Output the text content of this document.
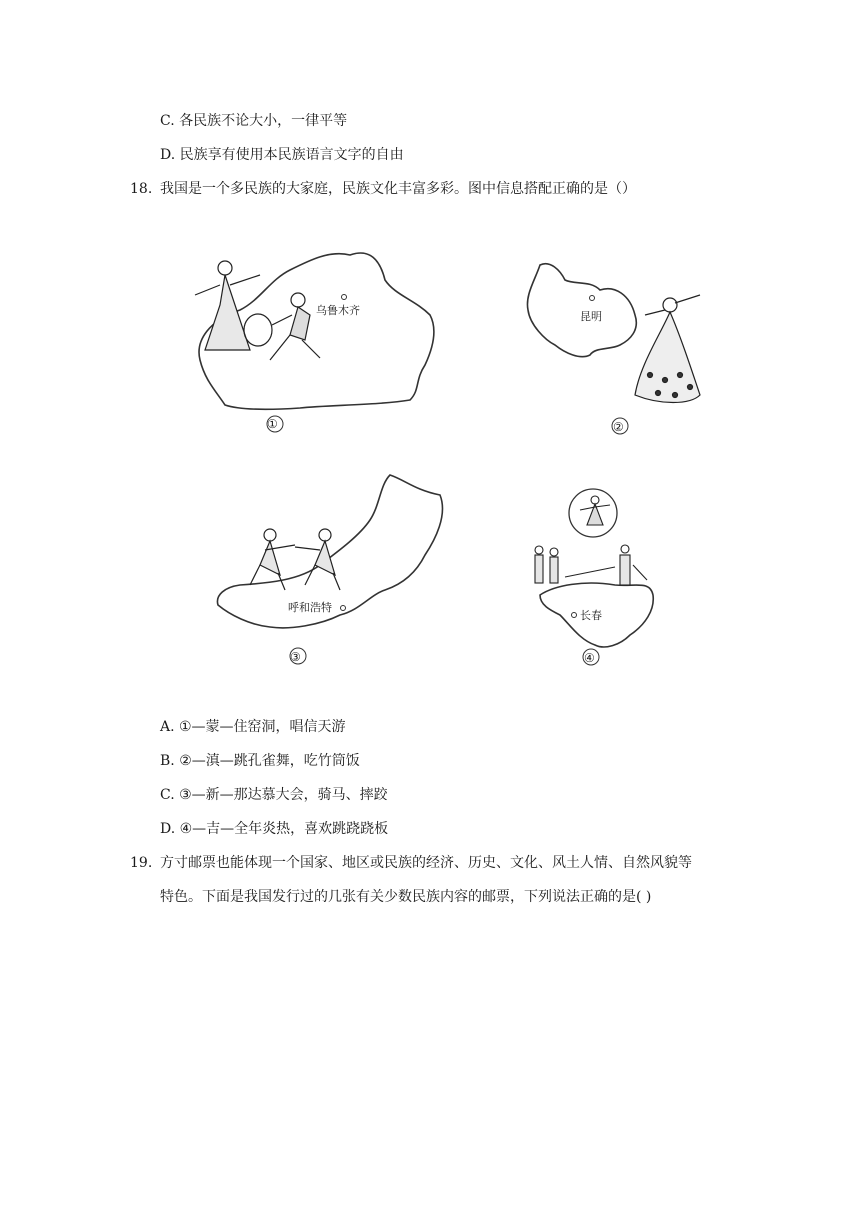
C. 各民族不论大小，一律平等
D. 民族享有使用本民族语言文字的自由
18. 我国是一个多民族的大家庭，民族文化丰富多彩。图中信息搭配正确的是（）
乌鲁木齐
①
昆明
②
呼和浩特
③
长春
④
A. ①—蒙—住窑洞，唱信天游
B. ②—滇—跳孔雀舞，吃竹筒饭
C. ③—新—那达慕大会，骑马、摔跤
D. ④—吉—全年炎热，喜欢跳跷跷板
19. 方寸邮票也能体现一个国家、地区或民族的经济、历史、文化、风土人情、自然风貌等
特色。下面是我国发行过的几张有关少数民族内容的邮票，下列说法正确的是( )
